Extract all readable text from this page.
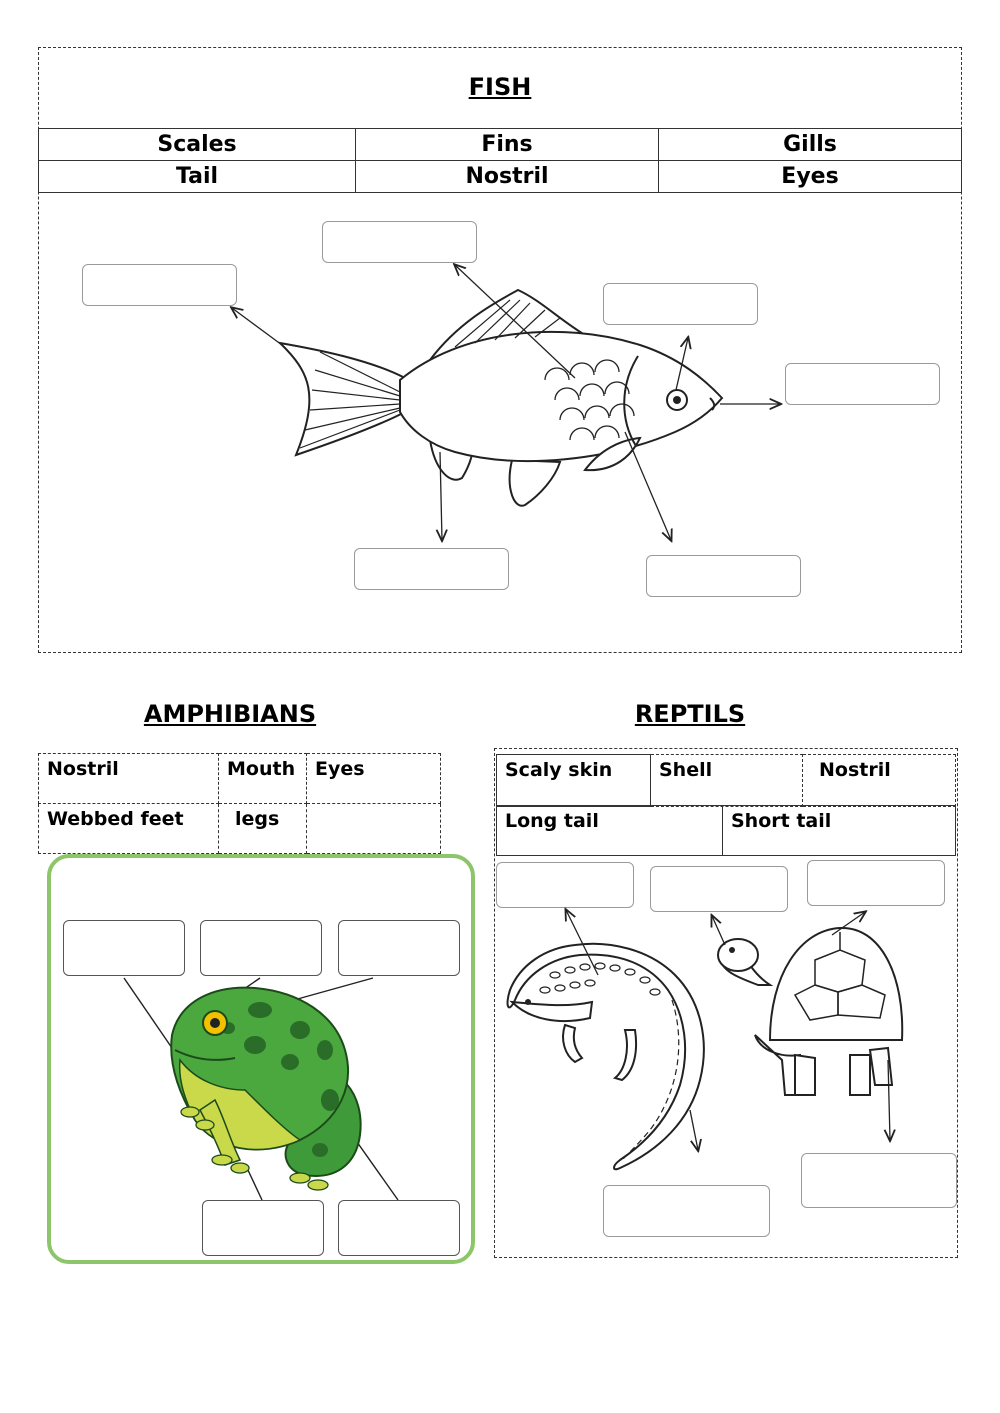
FISH
Scales	Fins	Gills
Tail	Nostril	Eyes
AMPHIBIANS
Nostril	Mouth	Eyes
Webbed feet	legs	
REPTILS
Scaly skin	Shell	Nostril
Long tail	Short tail
